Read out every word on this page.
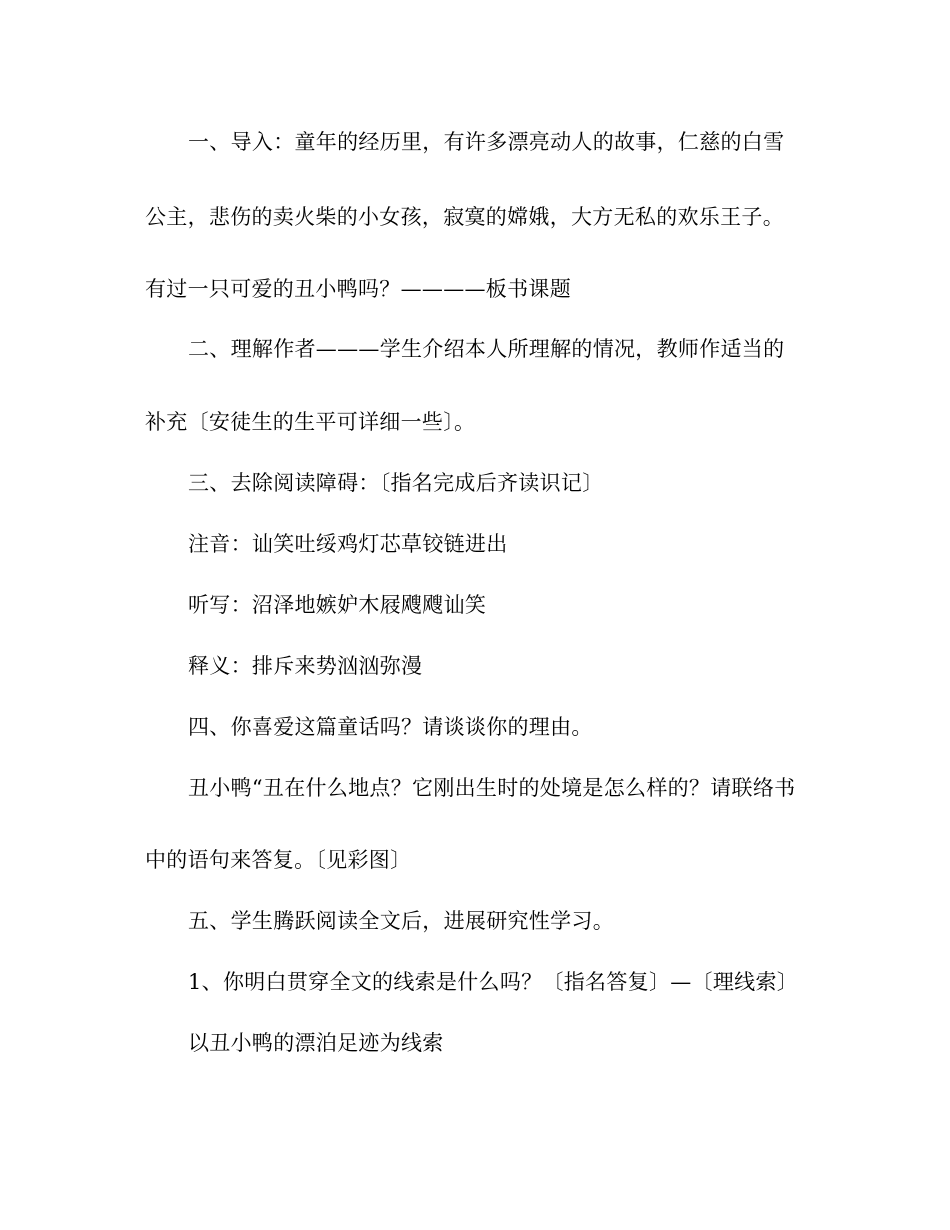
一、导入：童年的经历里，有许多漂亮动人的故事，仁慈的白雪
公主，悲伤的卖火柴的小女孩，寂寞的嫦娥，大方无私的欢乐王子。
有过一只可爱的丑小鸭吗？————板书课题
二、理解作者———学生介绍本人所理解的情况，教师作适当的
补充〔安徒生的生平可详细一些〕。
三、去除阅读障碍：〔指名完成后齐读识记〕
注音：讪笑吐绥鸡灯芯草铰链进出
听写：沼泽地嫉妒木屐飕飕讪笑
释义：排斥来势汹汹弥漫
四、你喜爱这篇童话吗？请谈谈你的理由。
丑小鸭“丑在什么地点？它刚出生时的处境是怎么样的？请联络书
中的语句来答复。〔见彩图〕
五、学生腾跃阅读全文后，进展研究性学习。
1、你明白贯穿全文的线索是什么吗？〔指名答复〕—〔理线索〕
以丑小鸭的漂泊足迹为线索
